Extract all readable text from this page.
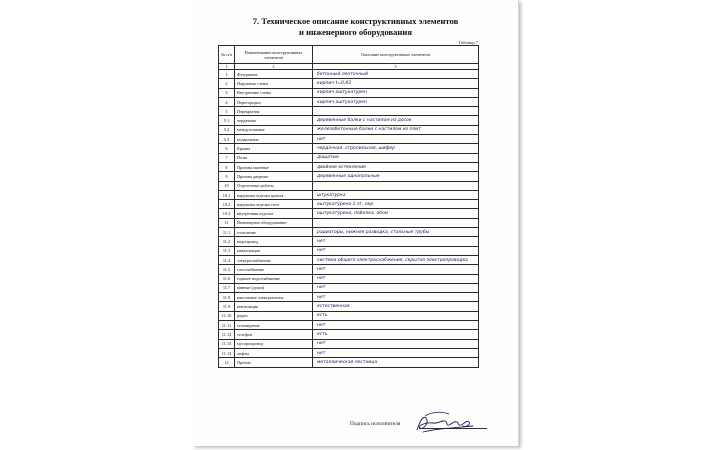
7. Техническое описание конструктивных элементов
и инженерного оборудования
Таблица 7
№ п/п	Наименование конструктивных элементов	Описание конструктивных элементов
1	2	3
1	Фундамент	бетонный ленточный
2	Наружные стены	кирпич t=0,43
3	Внутренние стены	кирпич оштукатурен
4	Перегородки	кирпич оштукатурен
5	Перекрытия	
5.1	чердачные	деревянные балки с настилом из досок
5.2	междуэтажные	железобетонные балки с настилом из плит
5.3	подвальные	нет
6	Крыша	чердачная, стропильная, шифер
7	Полы	дощатые
8	Проемы оконные	двойное остекление
9	Проемы дверные	деревянные однопольные
10	Отделочные работы	
10.1	наружная отделка цоколя	штукатурка
10.2	наружная отделка стен	оштукатурено 1 эт, окр
10.3	внутренняя отделка	оштукатурено, побелка, обои
11	Инженерное оборудование:	
11.1	отопление	радиаторы, нижняя разводка, стальные трубы
11.2	водопровод	нет
11.3	канализация	нет
11.4	электроснабжение	система общего электроснабжения, скрытая электропроводка
11.5	газоснабжение	нет
11.6	горячее водоснабжение	нет
11.7	ванные (души)	нет
11.8	напольные электроплиты	нет
11.9	вентиляция	естественная
11.10	радио	есть
11.11	телевидение	нет
11.12	телефон	есть
11.13	мусоропровод	нет
11.14	лифты	нет
12	Прочие	металлическая лестница
Подпись исполнителя
